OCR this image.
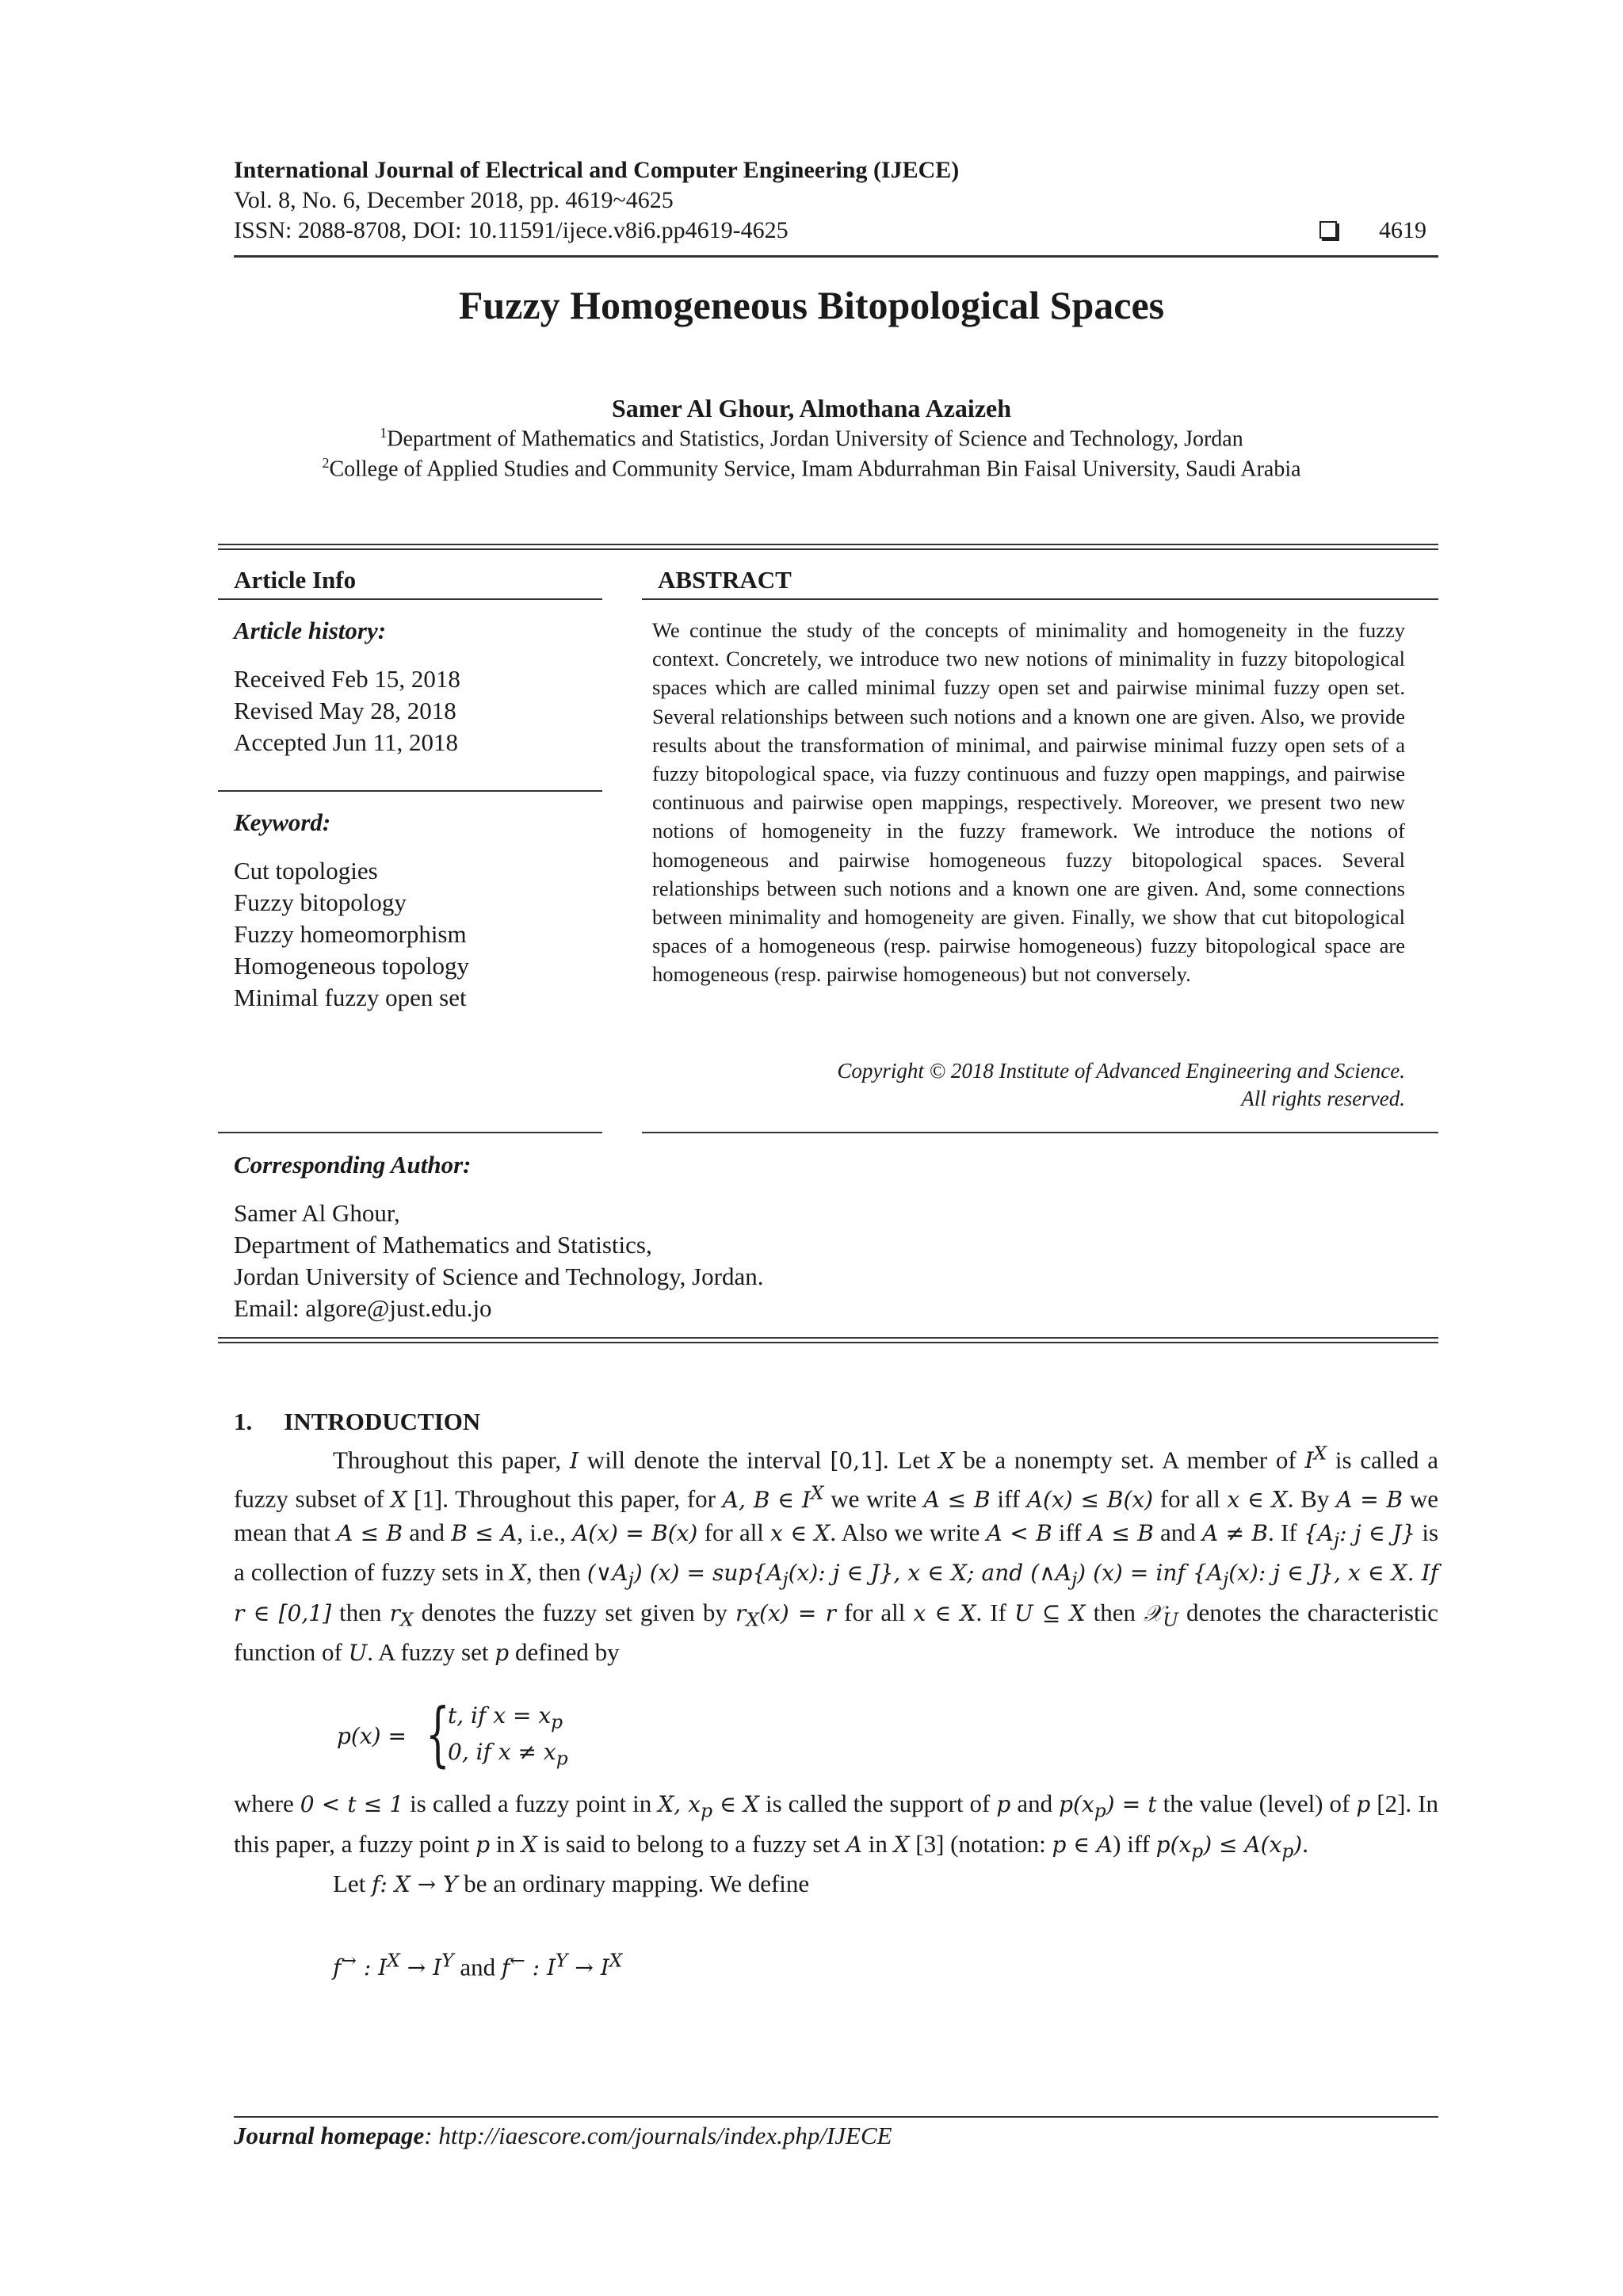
International Journal of Electrical and Computer Engineering (IJECE)
Vol. 8, No. 6, December 2018, pp. 4619~4625
ISSN: 2088-8708, DOI: 10.11591/ijece.v8i6.pp4619-4625	4619
Fuzzy Homogeneous Bitopological Spaces
Samer Al Ghour, Almothana Azaizeh
$^1$Department of Mathematics and Statistics, Jordan University of Science and Technology, Jordan
$^2$College of Applied Studies and Community Service, Imam Abdurrahman Bin Faisal University, Saudi Arabia
Article Info
Article history:
Received Feb 15, 2018
Revised May 28, 2018
Accepted Jun 11, 2018
Keyword:
Cut topologies
Fuzzy bitopology
Fuzzy homeomorphism
Homogeneous topology
Minimal fuzzy open set
ABSTRACT

We continue the study of the concepts of minimality and homogeneity in the fuzzy context. Concretely, we introduce two new notions of minimality in fuzzy bitopological spaces which are called minimal fuzzy open set and pairwise minimal fuzzy open set. Several relationships between such notions and a known one are given. Also, we provide results about the transformation of minimal, and pairwise minimal fuzzy open sets of a fuzzy bitopological space, via fuzzy continuous and fuzzy open mappings, and pairwise continuous and pairwise open mappings, respectively. Moreover, we present two new notions of homogeneity in the fuzzy framework. We introduce the notions of homogeneous and pairwise homogeneous fuzzy bitopological spaces. Several relationships between such notions and a known one are given. And, some connections between minimality and homogeneity are given. Finally, we show that cut bitopological spaces of a homogeneous (resp. pairwise homogeneous) fuzzy bitopological space are homogeneous (resp. pairwise homogeneous) but not conversely.

Copyright © 2018 Institute of Advanced Engineering and Science.
All rights reserved.
Corresponding Author:
Samer Al Ghour,
Department of Mathematics and Statistics,
Jordan University of Science and Technology, Jordan.
Email: algore@just.edu.jo
1. INTRODUCTION

Throughout this paper, I will denote the interval [0,1]. Let X be a nonempty set. A member of $I^X$ is called a fuzzy subset of X [1]. Throughout this paper, for A, B ∈ $I^X$ we write A ≤ B iff A(x) ≤ B(x) for all x ∈ X. By A = B we mean that A ≤ B and B ≤ A, i.e., A(x) = B(x) for all x ∈ X. Also we write A < B iff A ≤ B and A ≠ B. If {$A_j$: j ∈ J} is a collection of fuzzy sets in X, then $(\vee A_j) (x) = sup\{A_j(x)$: j ∈ J}, x ∈ X; and $(\wedge A_j) (x)$ = inf {$A_j(x)$: j ∈ J}, x ∈ X. If r ∈ [0,1] then $r_X$ denotes the fuzzy set given by $r_X(x) = r$ for all x ∈ X. If U ⊆ X then 𝒳$_U$ denotes the characteristic function of U. A fuzzy set p defined by

p(x) = {
t, if $x = x_p$
0, if $x \ne x_p$

where 0 < t ≤ 1 is called a fuzzy point in X, $x_p$ ∈ X is called the support of p and $p(x_p) = t$ the value (level) of p [2]. In this paper, a fuzzy point p in X is said to belong to a fuzzy set A in X [3] (notation: p ∈ A) iff $p(x_p) \le A(x_p)$.

Let f: X → Y be an ordinary mapping. We define

f→ : $I^X \to I^Y$ and f← : $I^Y \to I^X$
Journal homepage: http://iaescore.com/journals/index.php/IJECE
